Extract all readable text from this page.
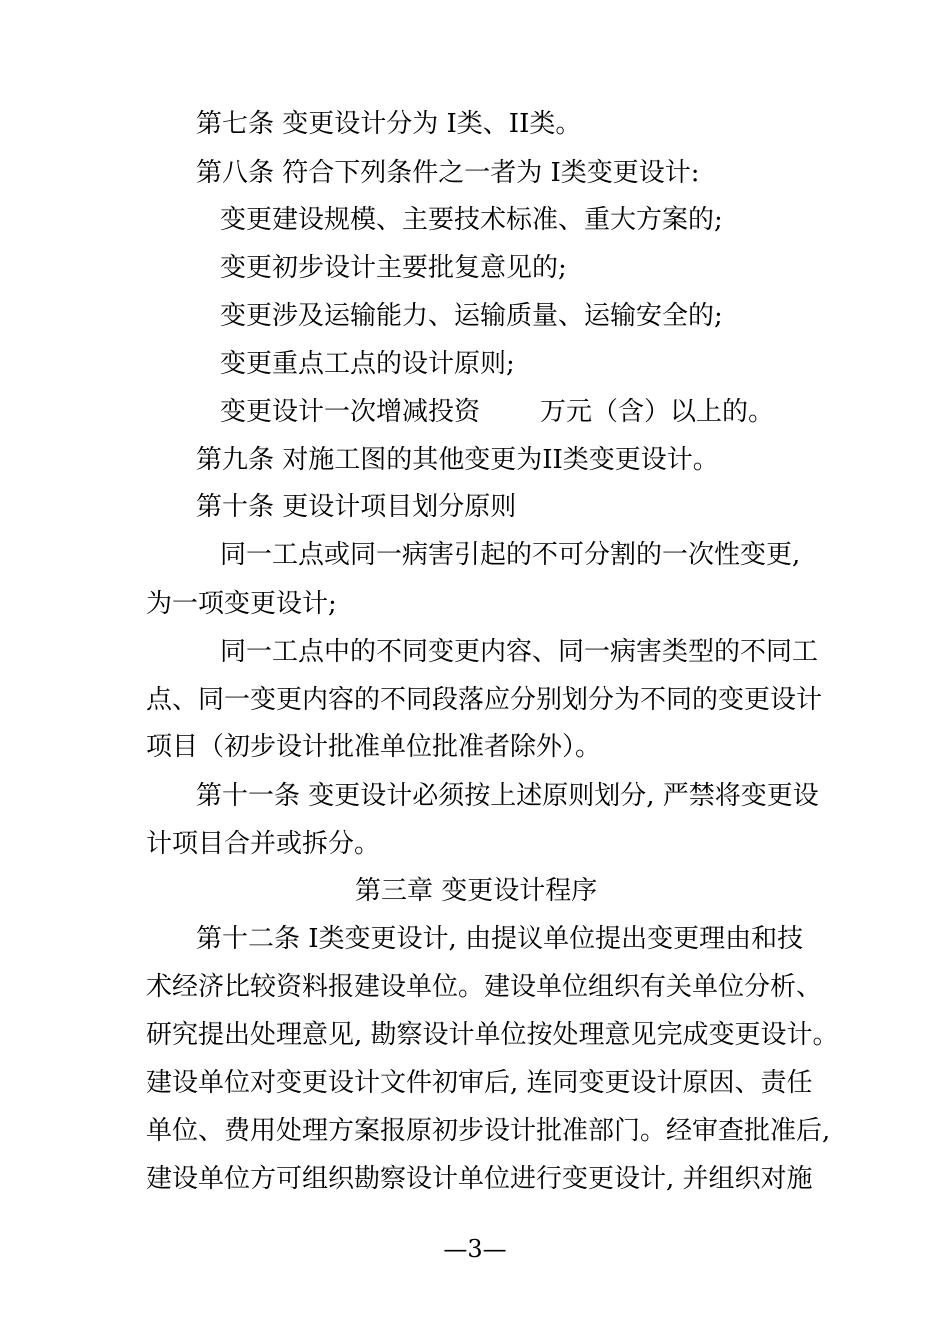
第七条 变更设计分为 I类、II类。
第八条 符合下列条件之一者为 I类变更设计:
变更建设规模、主要技术标准、重大方案的;
变更初步设计主要批复意见的;
变更涉及运输能力、运输质量、运输安全的;
变更重点工点的设计原则;
变更设计一次增减投资 万元（含）以上的。
第九条 对施工图的其他变更为II类变更设计。
第十条 更设计项目划分原则
同一工点或同一病害引起的不可分割的一次性变更,
为一项变更设计;
同一工点中的不同变更内容、同一病害类型的不同工
点、同一变更内容的不同段落应分别划分为不同的变更设计
项目（初步设计批准单位批准者除外）。
第十一条 变更设计必须按上述原则划分, 严禁将变更设
计项目合并或拆分。
第三章 变更设计程序
第十二条 I类变更设计, 由提议单位提出变更理由和技
术经济比较资料报建设单位。建设单位组织有关单位分析、
研究提出处理意见, 勘察设计单位按处理意见完成变更设计。
建设单位对变更设计文件初审后, 连同变更设计原因、责任
单位、费用处理方案报原初步设计批准部门。经审查批准后,
建设单位方可组织勘察设计单位进行变更设计, 并组织对施
—3—
